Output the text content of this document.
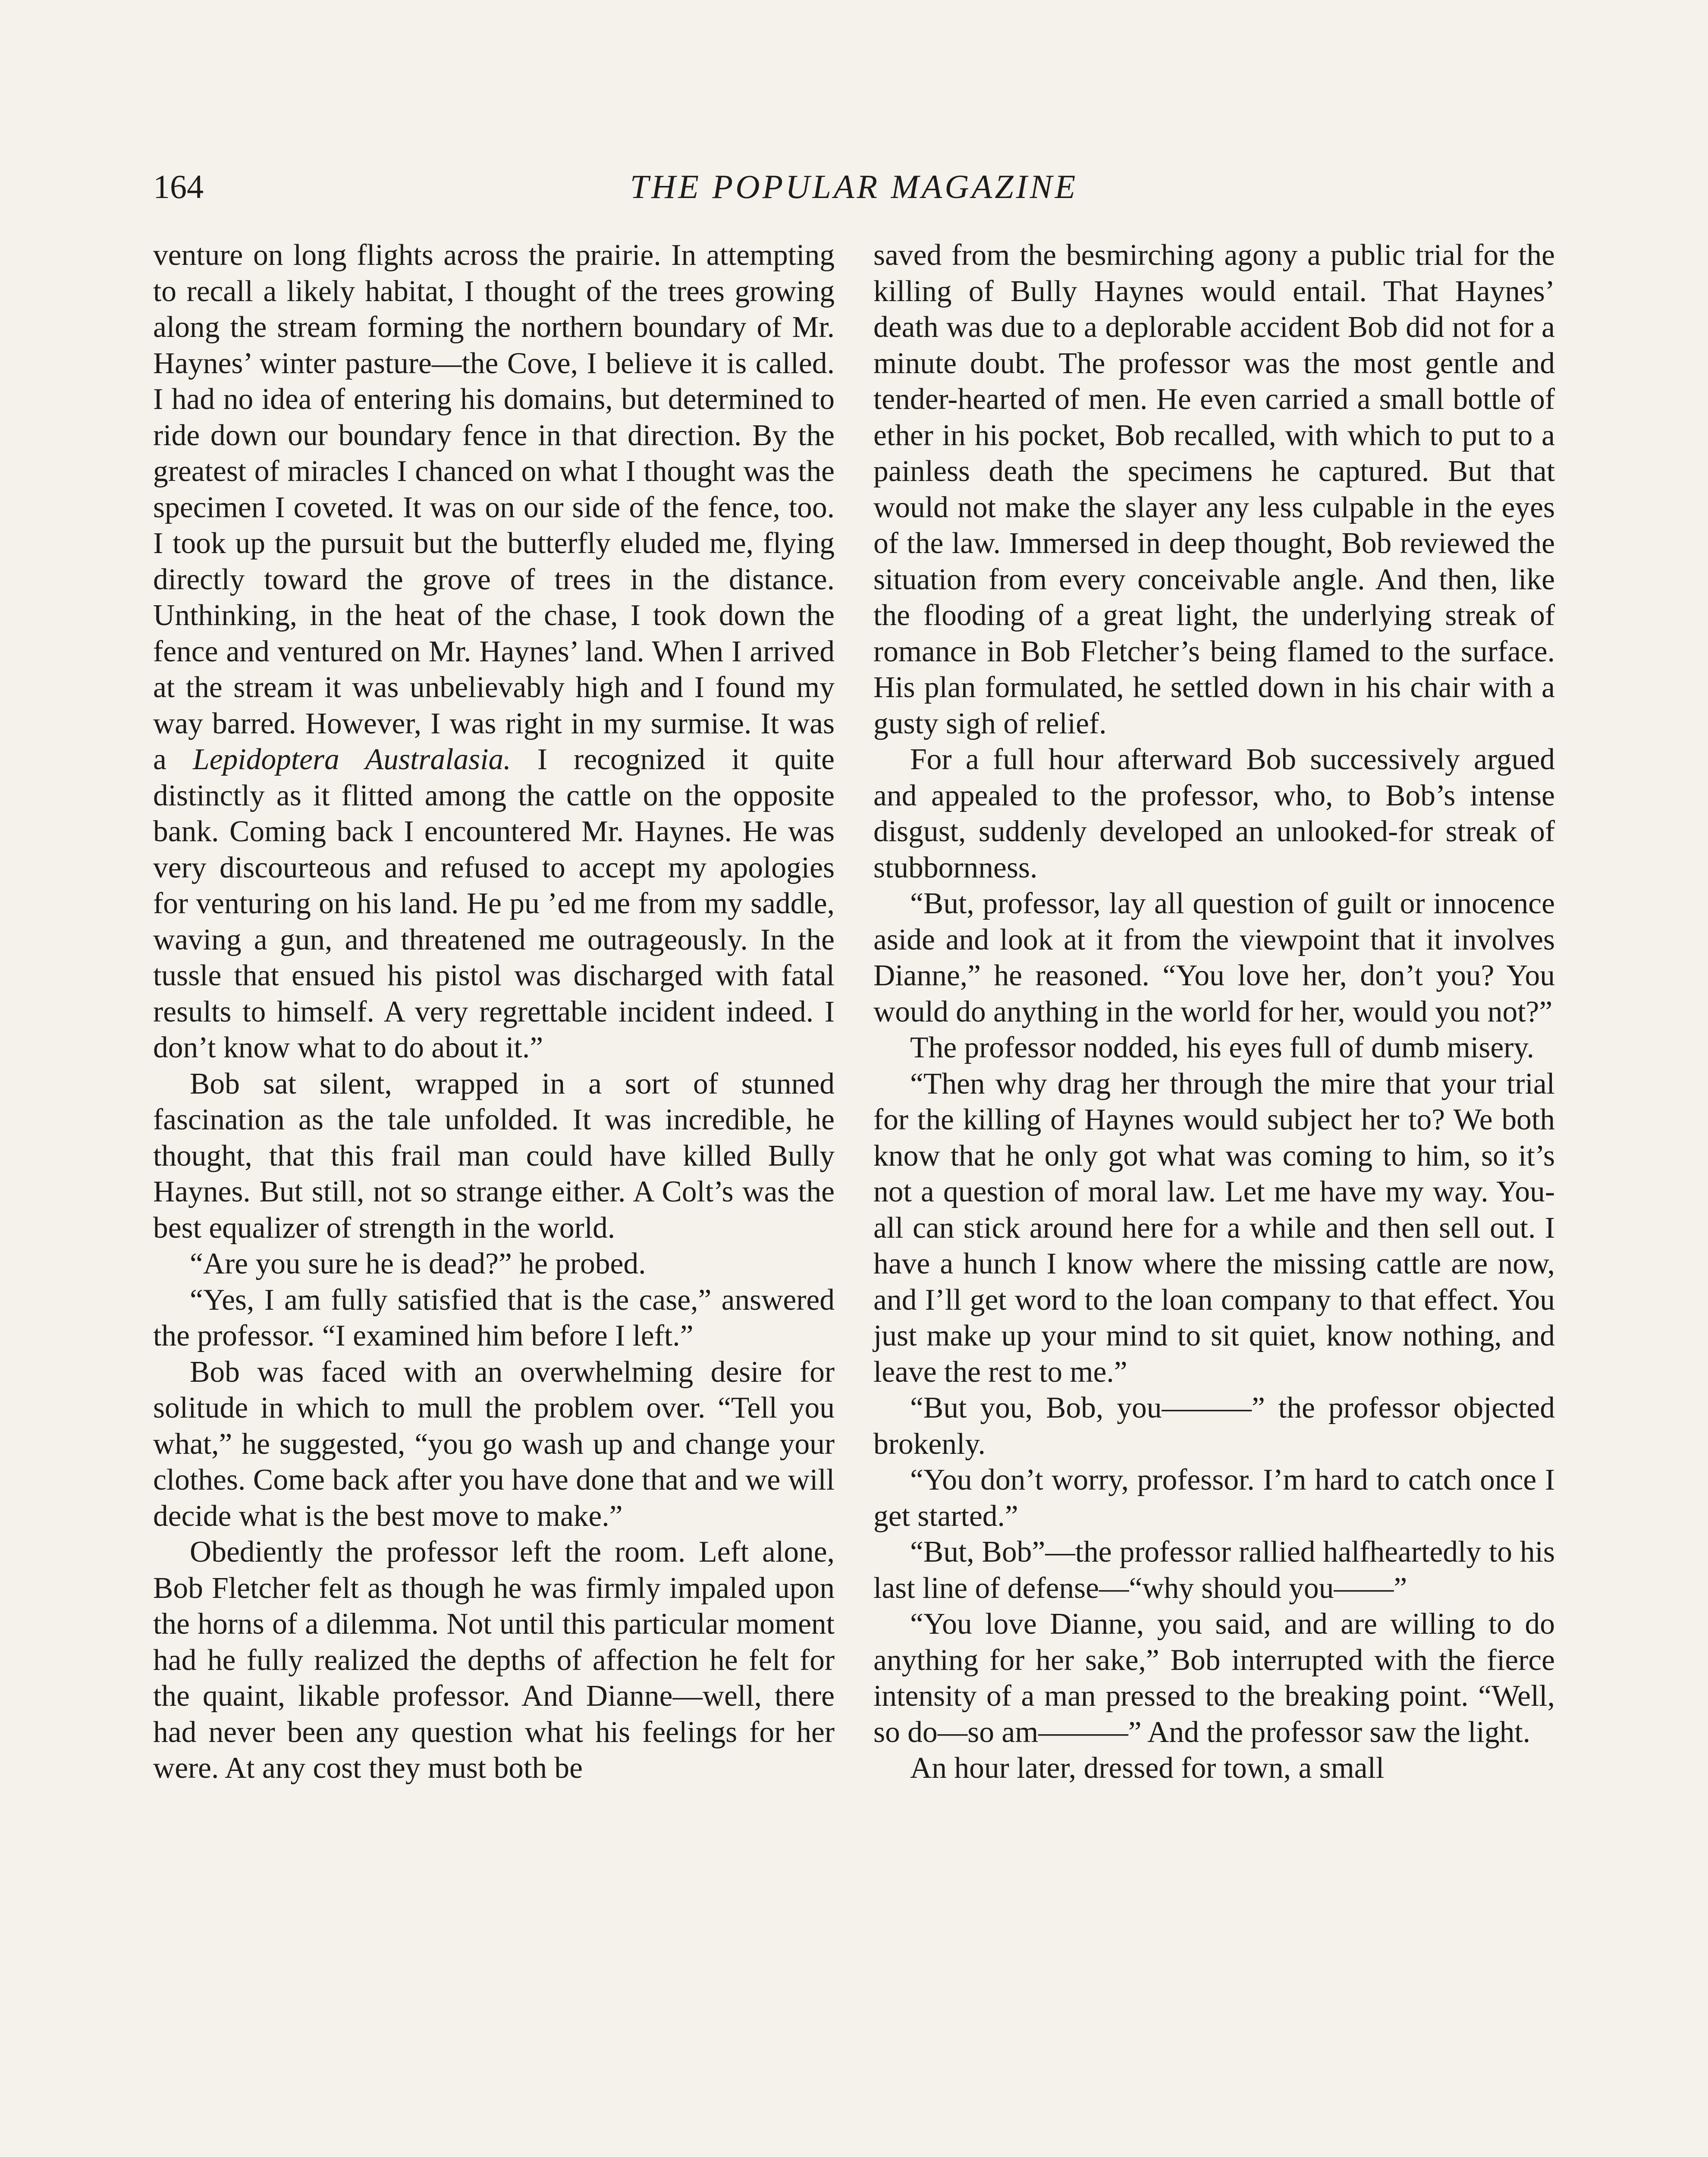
164	THE POPULAR MAGAZINE

venture on long flights across the prairie. In attempting to recall a likely habitat, I thought of the trees growing along the stream forming the northern boundary of Mr. Haynes’ winter pasture—the Cove, I believe it is called. I had no idea of entering his domains, but determined to ride down our boundary fence in that direction. By the greatest of miracles I chanced on what I thought was the specimen I coveted. It was on our side of the fence, too. I took up the pursuit but the butterfly eluded me, flying directly toward the grove of trees in the distance. Unthinking, in the heat of the chase, I took down the fence and ventured on Mr. Haynes’ land. When I arrived at the stream it was unbelievably high and I found my way barred. However, I was right in my surmise. It was a Lepidoptera Australasia. I recognized it quite distinctly as it flitted among the cattle on the opposite bank. Coming back I encountered Mr. Haynes. He was very discourteous and refused to accept my apologies for venturing on his land. He pu ’ed me from my saddle, waving a gun, and threatened me outrageously. In the tussle that ensued his pistol was discharged with fatal results to himself. A very regrettable incident indeed. I don’t know what to do about it.”

Bob sat silent, wrapped in a sort of stunned fascination as the tale unfolded. It was incredible, he thought, that this frail man could have killed Bully Haynes. But still, not so strange either. A Colt’s was the best equalizer of strength in the world.

“Are you sure he is dead?” he probed.

“Yes, I am fully satisfied that is the case,” answered the professor. “I examined him before I left.”

Bob was faced with an overwhelming desire for solitude in which to mull the problem over. “Tell you what,” he suggested, “you go wash up and change your clothes. Come back after you have done that and we will decide what is the best move to make.”

Obediently the professor left the room. Left alone, Bob Fletcher felt as though he was firmly impaled upon the horns of a dilemma. Not until this particular moment had he fully realized the depths of affection he felt for the quaint, likable professor. And Dianne—well, there had never been any question what his feelings for her were. At any cost they must both be

saved from the besmirching agony a public trial for the killing of Bully Haynes would entail. That Haynes’ death was due to a deplorable accident Bob did not for a minute doubt. The professor was the most gentle and tender-hearted of men. He even carried a small bottle of ether in his pocket, Bob recalled, with which to put to a painless death the specimens he captured. But that would not make the slayer any less culpable in the eyes of the law. Immersed in deep thought, Bob reviewed the situation from every conceivable angle. And then, like the flooding of a great light, the underlying streak of romance in Bob Fletcher’s being flamed to the surface. His plan formulated, he settled down in his chair with a gusty sigh of relief.

For a full hour afterward Bob successively argued and appealed to the professor, who, to Bob’s intense disgust, suddenly developed an unlooked-for streak of stubbornness.

“But, professor, lay all question of guilt or innocence aside and look at it from the viewpoint that it involves Dianne,” he reasoned. “You love her, don’t you? You would do anything in the world for her, would you not?”

The professor nodded, his eyes full of dumb misery.

“Then why drag her through the mire that your trial for the killing of Haynes would subject her to? We both know that he only got what was coming to him, so it’s not a question of moral law. Let me have my way. You-all can stick around here for a while and then sell out. I have a hunch I know where the missing cattle are now, and I’ll get word to the loan company to that effect. You just make up your mind to sit quiet, know nothing, and leave the rest to me.”

“But you, Bob, you———” the professor objected brokenly.

“You don’t worry, professor. I’m hard to catch once I get started.”

“But, Bob”—the professor rallied halfheartedly to his last line of defense—“why should you——”

“You love Dianne, you said, and are willing to do anything for her sake,” Bob interrupted with the fierce intensity of a man pressed to the breaking point. “Well, so do—so am———” And the professor saw the light.

An hour later, dressed for town, a small
